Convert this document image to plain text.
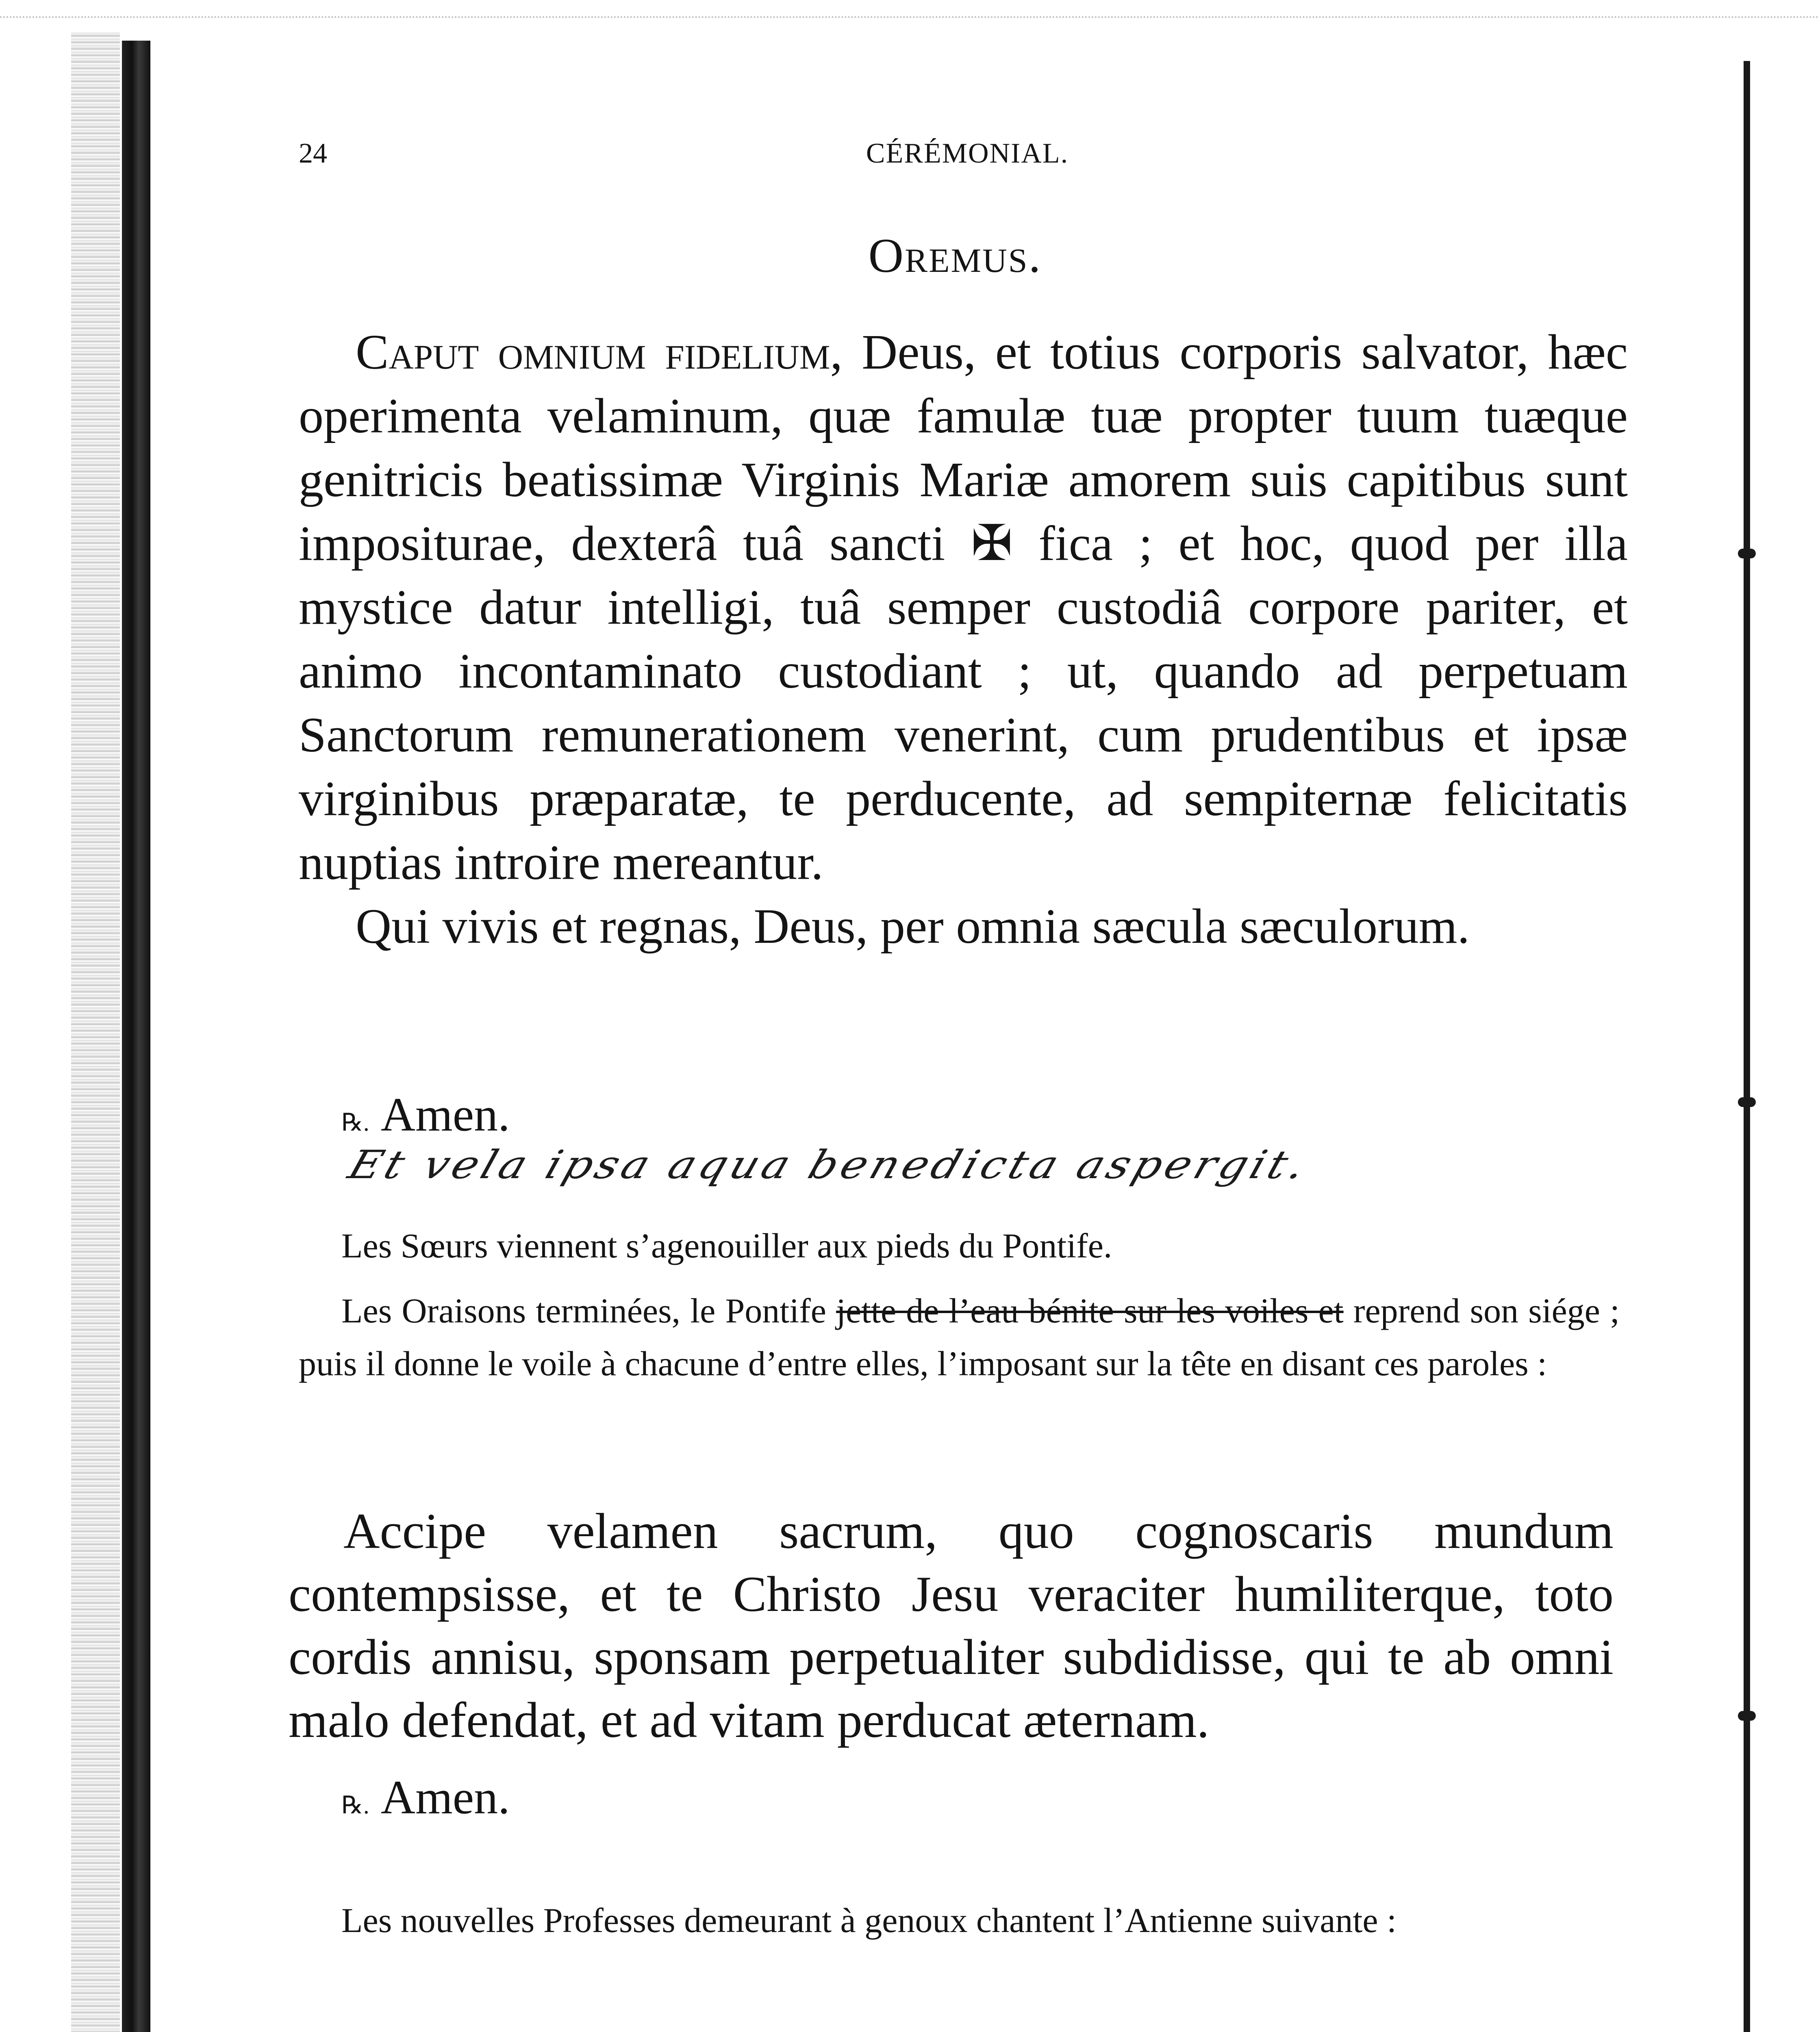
24	CÉRÉMONIAL.
Oremus.

Caput omnium fidelium, Deus, et totius corporis salvator, hæc operimenta velaminum, quæ famulæ tuæ propter tuum tuæque genitricis beatissimæ Virginis Mariæ amorem suis capitibus sunt impositurae, dexterâ tuâ sancti ✠ fica ; et hoc, quod per illa mystice datur intelligi, tuâ semper custodiâ corpore pariter, et animo incontaminato custodiant ; ut, quando ad perpetuam Sanctorum remunerationem venerint, cum prudentibus et ipsæ virginibus præparatæ, te perducente, ad sempiternæ felicitatis nuptias introire mereantur.

Qui vivis et regnas, Deus, per omnia sæcula sæculorum.

℞. Amen.
Et vela ipsa aqua benedicta aspergit.

Les Sœurs viennent s’agenouiller aux pieds du Pontife.

Les Oraisons terminées, le Pontife jette de l’eau bénite sur les voiles et reprend son siége ; puis il donne le voile à chacune d’entre elles, l’imposant sur la tête en disant ces paroles :

Accipe velamen sacrum, quo cognoscaris mundum contempsisse, et te Christo Jesu veraciter humiliterque, toto cordis annisu, sponsam perpetualiter subdidisse, qui te ab omni malo defendat, et ad vitam perducat æternam.

℞. Amen.

Les nouvelles Professes demeurant à genoux chantent l’Antienne suivante :
